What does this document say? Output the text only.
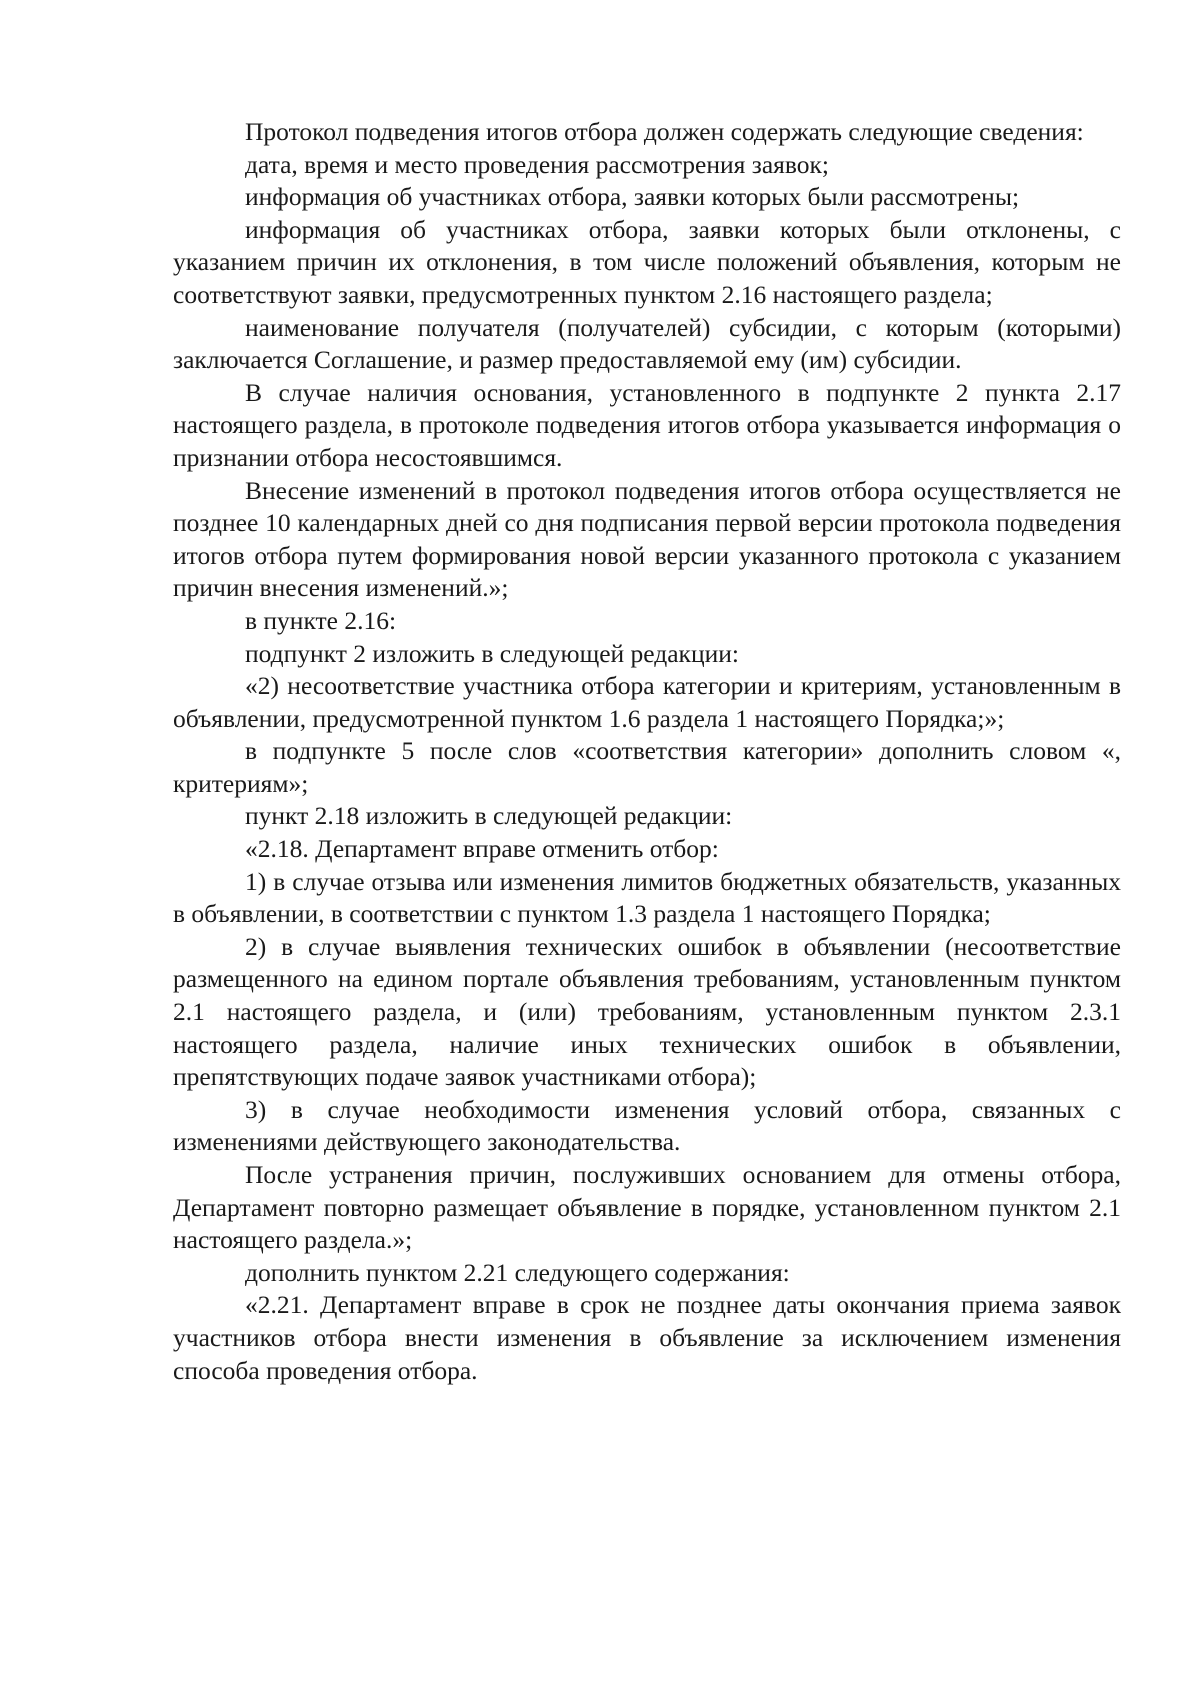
Протокол подведения итогов отбора должен содержать следующие сведения:

дата, время и место проведения рассмотрения заявок;

информация об участниках отбора, заявки которых были рассмотрены;

информация об участниках отбора, заявки которых были отклонены, с указанием причин их отклонения, в том числе положений объявления, которым не соответствуют заявки, предусмотренных пунктом 2.16 настоящего раздела;

наименование получателя (получателей) субсидии, с которым (которыми) заключается Соглашение, и размер предоставляемой ему (им) субсидии.

В случае наличия основания, установленного в подпункте 2 пункта 2.17 настоящего раздела, в протоколе подведения итогов отбора указывается информация о признании отбора несостоявшимся.

Внесение изменений в протокол подведения итогов отбора осуществляется не позднее 10 календарных дней со дня подписания первой версии протокола подведения итогов отбора путем формирования новой версии указанного протокола с указанием причин внесения изменений.»;

в пункте 2.16:

подпункт 2 изложить в следующей редакции:

«2) несоответствие участника отбора категории и критериям, установленным в объявлении, предусмотренной пунктом 1.6 раздела 1 настоящего Порядка;»;

в подпункте 5 после слов «соответствия категории» дополнить словом «, критериям»;

пункт 2.18 изложить в следующей редакции:

«2.18. Департамент вправе отменить отбор:

1) в случае отзыва или изменения лимитов бюджетных обязательств, указанных в объявлении, в соответствии с пунктом 1.3 раздела 1 настоящего Порядка;

2) в случае выявления технических ошибок в объявлении (несоответствие размещенного на едином портале объявления требованиям, установленным пунктом 2.1 настоящего раздела, и (или) требованиям, установленным пунктом 2.3.1 настоящего раздела, наличие иных технических ошибок в объявлении, препятствующих подаче заявок участниками отбора);

3) в случае необходимости изменения условий отбора, связанных с изменениями действующего законодательства.

После устранения причин, послуживших основанием для отмены отбора, Департамент повторно размещает объявление в порядке, установленном пунктом 2.1 настоящего раздела.»;

дополнить пунктом 2.21 следующего содержания:

«2.21. Департамент вправе в срок не позднее даты окончания приема заявок участников отбора внести изменения в объявление за исключением изменения способа проведения отбора.
